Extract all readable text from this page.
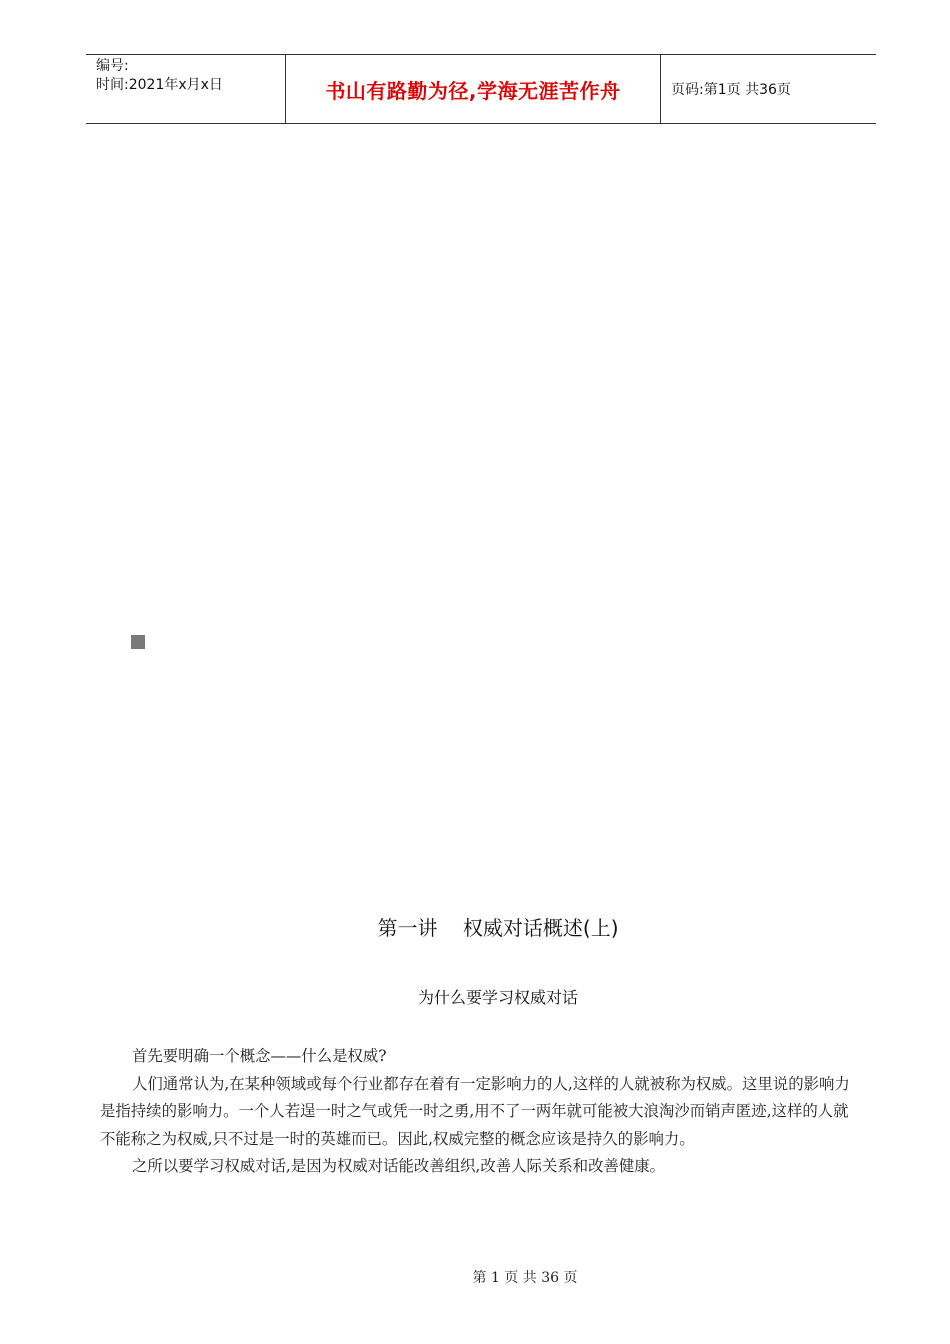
编号:
时间:2021年x月x日	书山有路勤为径,学海无涯苦作舟	页码:第1页 共36页
第一讲    权威对话概述(上)
为什么要学习权威对话

首先要明确一个概念——什么是权威?

人们通常认为,在某种领域或每个行业都存在着有一定影响力的人,这样的人就被称为权威。这里说的影响力是指持续的影响力。一个人若逞一时之气或凭一时之勇,用不了一两年就可能被大浪淘沙而销声匿迹,这样的人就不能称之为权威,只不过是一时的英雄而已。因此,权威完整的概念应该是持久的影响力。

之所以要学习权威对话,是因为权威对话能改善组织,改善人际关系和改善健康。

第 1 页 共 36 页
